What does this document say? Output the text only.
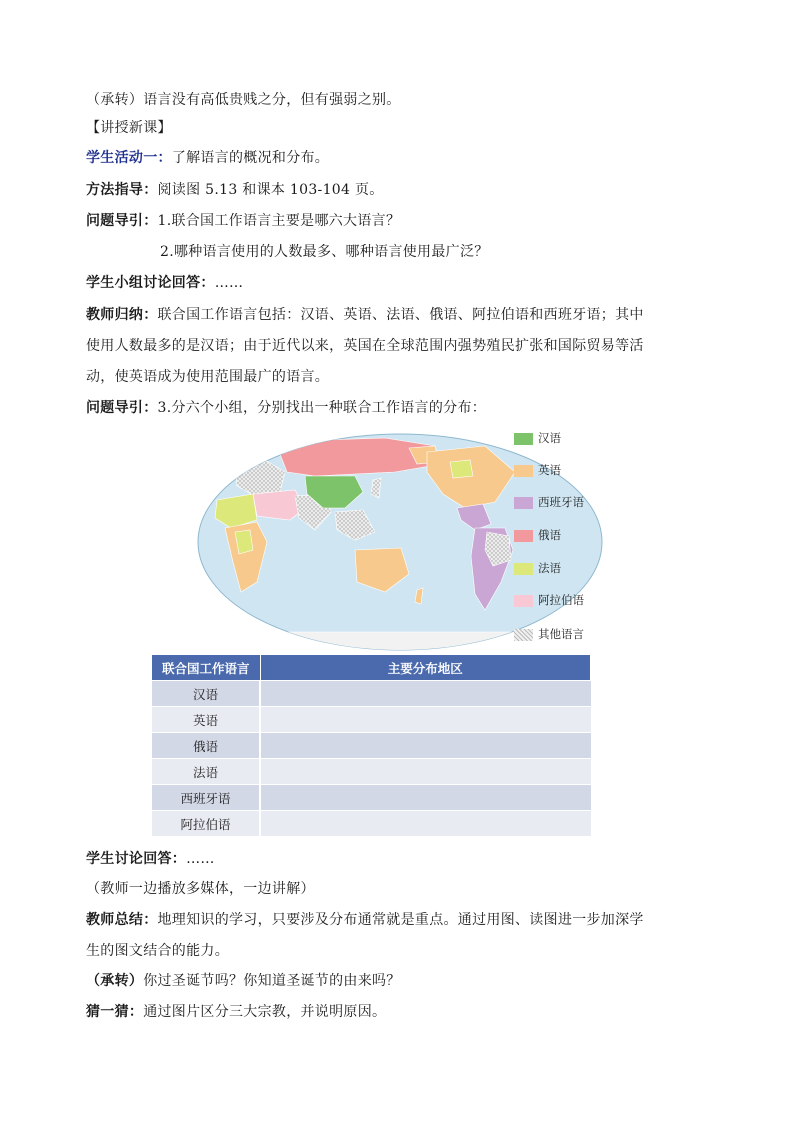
（承转）语言没有高低贵贱之分，但有强弱之别。
【讲授新课】
学生活动一：了解语言的概况和分布。
方法指导：阅读图 5.13 和课本 103-104 页。
问题导引：1.联合国工作语言主要是哪六大语言？
2.哪种语言使用的人数最多、哪种语言使用最广泛？
学生小组讨论回答：……
教师归纳：联合国工作语言包括：汉语、英语、法语、俄语、阿拉伯语和西班牙语；其中
使用人数最多的是汉语；由于近代以来，英国在全球范围内强势殖民扩张和国际贸易等活
动，使英语成为使用范围最广的语言。
问题导引：3.分六个小组，分别找出一种联合工作语言的分布：
汉语
英语
西班牙语
俄语
法语
阿拉伯语
其他语言
联合国工作语言	主要分布地区
汉语	
英语	
俄语	
法语	
西班牙语	
阿拉伯语	
学生讨论回答：……
（教师一边播放多媒体，一边讲解）
教师总结：地理知识的学习，只要涉及分布通常就是重点。通过用图、读图进一步加深学
生的图文结合的能力。
（承转）你过圣诞节吗？你知道圣诞节的由来吗？
猜一猜：通过图片区分三大宗教，并说明原因。
